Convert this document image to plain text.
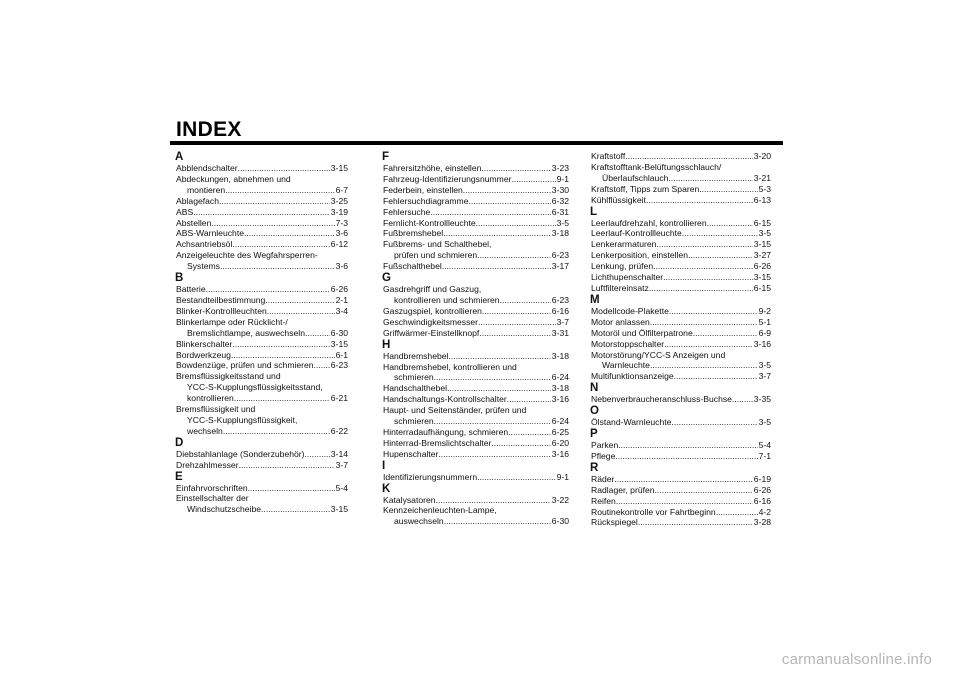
INDEX
A
Abblendschalter .....	3-15
Abdeckungen, abnehmen und
montieren .....	6-7
Ablagefach .....	3-25
ABS .....	3-19
Abstellen .....	7-3
ABS-Warnleuchte .....	3-6
Achsantriebsöl .....	6-12
Anzeigeleuchte des Wegfahrsperren-
Systems .....	3-6
B
Batterie .....	6-26
Bestandteilbestimmung .....	2-1
Blinker-Kontrollleuchten .....	3-4
Blinkerlampe oder Rücklicht-/
Bremslichtlampe, auswechseln .....	6-30
Blinkerschalter .....	3-15
Bordwerkzeug .....	6-1
Bowdenzüge, prüfen und schmieren ..... 6-23
Bremsflüssigkeitsstand und
YCC-S-Kupplungsflüssigkeitsstand,
kontrollieren .....	6-21
Bremsflüssigkeit und
YCC-S-Kupplungsflüssigkeit,
wechseln .....	6-22
D
Diebstahlanlage (Sonderzubehör) .....	3-14
Drehzahlmesser .....	3-7
E
Einfahrvorschriften .....	5-4
Einstellschalter der
Windschutzscheibe .....	3-15
F
Fahrersitzhöhe, einstellen .....	3-23
Fahrzeug-Identifizierungsnummer .....	9-1
Federbein, einstellen .....	3-30
Fehlersuchdiagramme .....	6-32
Fehlersuche .....	6-31
Fernlicht-Kontrollleuchte .....	3-5
Fußbremshebel .....	3-18
Fußbrems- und Schalthebel,
prüfen und schmieren .....	6-23
Fußschalthebel .....	3-17
G
Gasdrehgriff und Gaszug,
kontrollieren und schmieren .....	6-23
Gaszugspiel, kontrollieren .....	6-16
Geschwindigkeitsmesser .....	3-7
Griffwärmer-Einstellknopf .....	3-31
H
Handbremshebel .....	3-18
Handbremshebel, kontrollieren und
schmieren .....	6-24
Handschalthebel .....	3-18
Handschaltungs-Kontrollschalter .....	3-16
Haupt- und Seitenständer, prüfen und
schmieren .....	6-24
Hinterradaufhängung, schmieren .....	6-25
Hinterrad-Bremslichtschalter .....	6-20
Hupenschalter .....	3-16
I
Identifizierungsnummern .....	9-1
K
Katalysatoren .....	3-22
Kennzeichenleuchten-Lampe,
auswechseln .....	6-30
Kraftstoff .....	3-20
Kraftstofftank-Belüftungsschlauch/
Überlaufschlauch .....	3-21
Kraftstoff, Tipps zum Sparen .....	5-3
Kühlflüssigkeit .....	6-13
L
Leerlaufdrehzahl, kontrollieren .....	6-15
Leerlauf-Kontrollleuchte .....	3-5
Lenkerarmaturen .....	3-15
Lenkerposition, einstellen .....	3-27
Lenkung, prüfen .....	6-26
Lichthupenschalter .....	3-15
Luftfiltereinsatz .....	6-15
M
Modellcode-Plakette .....	9-2
Motor anlassen .....	5-1
Motoröl und Ölfilterpatrone .....	6-9
Motorstoppschalter .....	3-16
Motorstörung/YCC-S Anzeigen und
Warnleuchte .....	3-5
Multifunktionsanzeige .....	3-7
N
Nebenverbraucheranschluss-Buchse .....	3-35
O
Ölstand-Warnleuchte .....	3-5
P
Parken .....	5-4
Pflege .....	7-1
R
Räder .....	6-19
Radlager, prüfen .....	6-26
Reifen .....	6-16
Routinekontrolle vor Fahrtbeginn .....	4-2
Rückspiegel .....	3-28
carmanualsonline.info
